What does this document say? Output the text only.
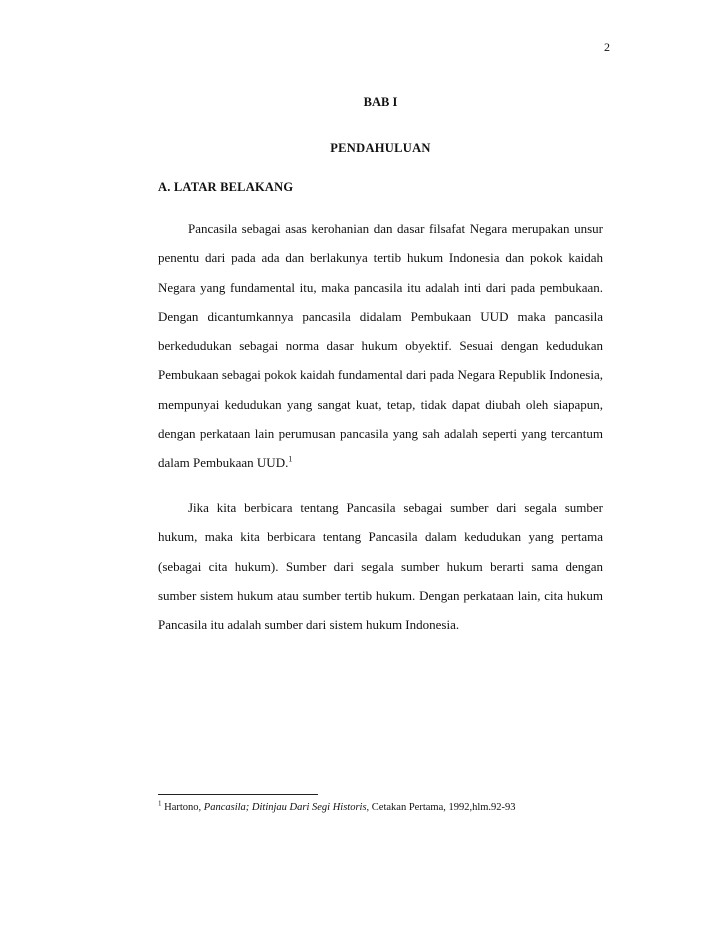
2
BAB I
PENDAHULUAN
A. LATAR BELAKANG

Pancasila sebagai asas kerohanian dan dasar filsafat Negara merupakan unsur penentu dari pada ada dan berlakunya tertib hukum Indonesia dan pokok kaidah Negara yang fundamental itu, maka pancasila itu adalah inti dari pada pembukaan. Dengan dicantumkannya pancasila didalam Pembukaan UUD maka pancasila berkedudukan sebagai norma dasar hukum obyektif. Sesuai dengan kedudukan Pembukaan sebagai pokok kaidah fundamental dari pada Negara Republik Indonesia, mempunyai kedudukan yang sangat kuat, tetap, tidak dapat diubah oleh siapapun, dengan perkataan lain perumusan pancasila yang sah adalah seperti yang tercantum dalam Pembukaan UUD.$^1$

Jika kita berbicara tentang Pancasila sebagai sumber dari segala sumber hukum, maka kita berbicara tentang Pancasila dalam kedudukan yang pertama (sebagai cita hukum). Sumber dari segala sumber hukum berarti sama dengan sumber sistem hukum atau sumber tertib hukum. Dengan perkataan lain, cita hukum Pancasila itu adalah sumber dari sistem hukum Indonesia.

$^1$ Hartono, Pancasila; Ditinjau Dari Segi Historis, Cetakan Pertama, 1992,hlm.92-93
